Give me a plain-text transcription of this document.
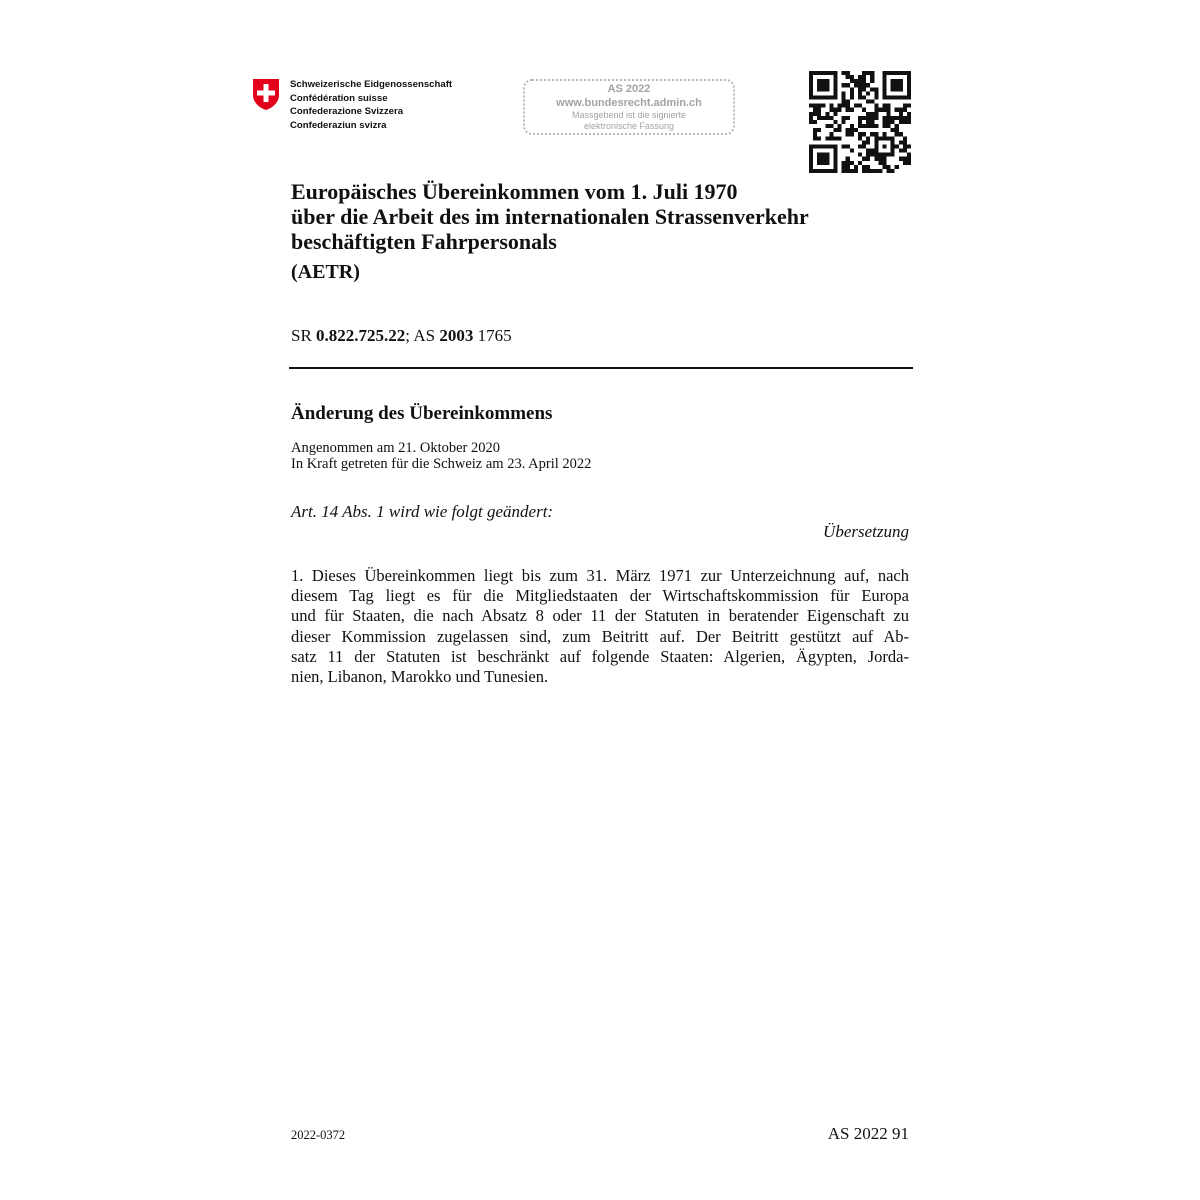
Schweizerische Eidgenossenschaft
Confédération suisse
Confederazione Svizzera
Confederaziun svizra
AS 2022
www.bundesrecht.admin.ch
Massgebend ist die signierte
elektronische Fassung
Europäisches Übereinkommen vom 1. Juli 1970
über die Arbeit des im internationalen Strassenverkehr
beschäftigten Fahrpersonals
(AETR)
SR 0.822.725.22; AS 2003 1765
Änderung des Übereinkommens
Angenommen am 21. Oktober 2020
In Kraft getreten für die Schweiz am 23. April 2022
Art. 14 Abs. 1 wird wie folgt geändert:
Übersetzung
1. Dieses Übereinkommen liegt bis zum 31. März 1971 zur Unterzeichnung auf, nach
diesem Tag liegt es für die Mitgliedstaaten der Wirtschaftskommission für Europa
und für Staaten, die nach Absatz 8 oder 11 der Statuten in beratender Eigenschaft zu
dieser Kommission zugelassen sind, zum Beitritt auf. Der Beitritt gestützt auf Ab-
satz 11 der Statuten ist beschränkt auf folgende Staaten: Algerien, Ägypten, Jorda-
nien, Libanon, Marokko und Tunesien.
2022-0372	AS 2022 91
